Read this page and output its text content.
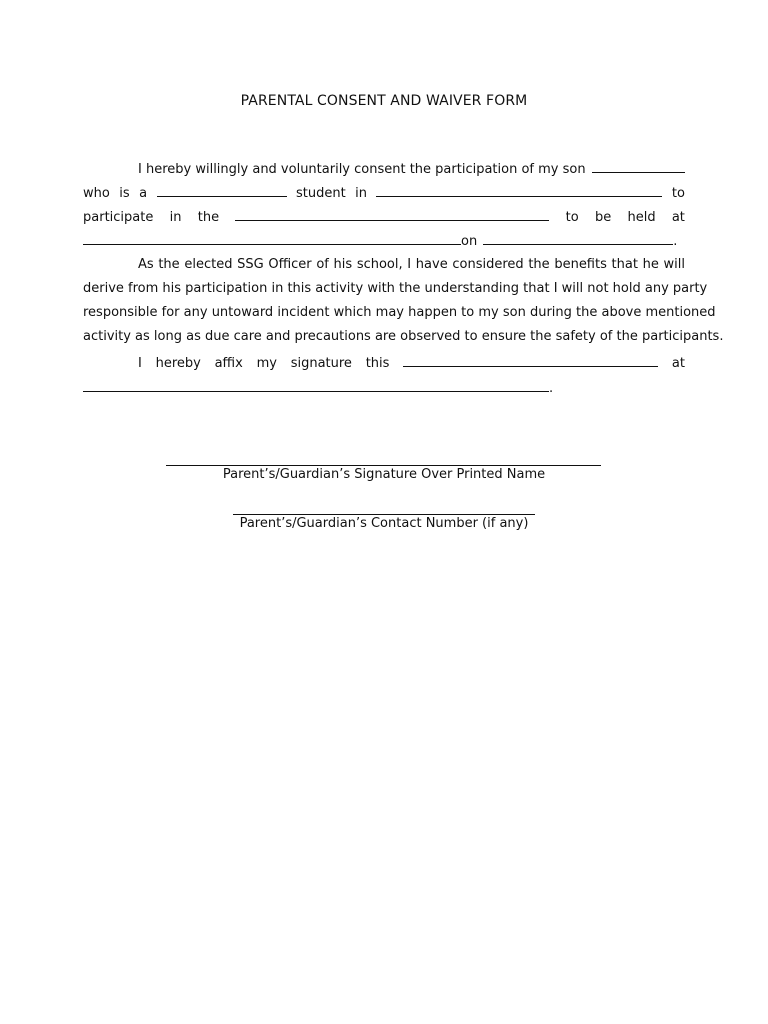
PARENTAL CONSENT AND WAIVER FORM
I hereby willingly and voluntarily consent the participation of my son
who is a	student in	to
participate in the	to be held at
on	.
As the elected SSG Officer of his school, I have considered the benefits that he will
derive from his participation in this activity with the understanding that I will not hold any party
responsible for any untoward incident which may happen to my son during the above mentioned
activity as long as due care and precautions are observed to ensure the safety of the participants.
I hereby affix my signature this	at
.
Parent’s/Guardian’s Signature Over Printed Name
Parent’s/Guardian’s Contact Number (if any)
